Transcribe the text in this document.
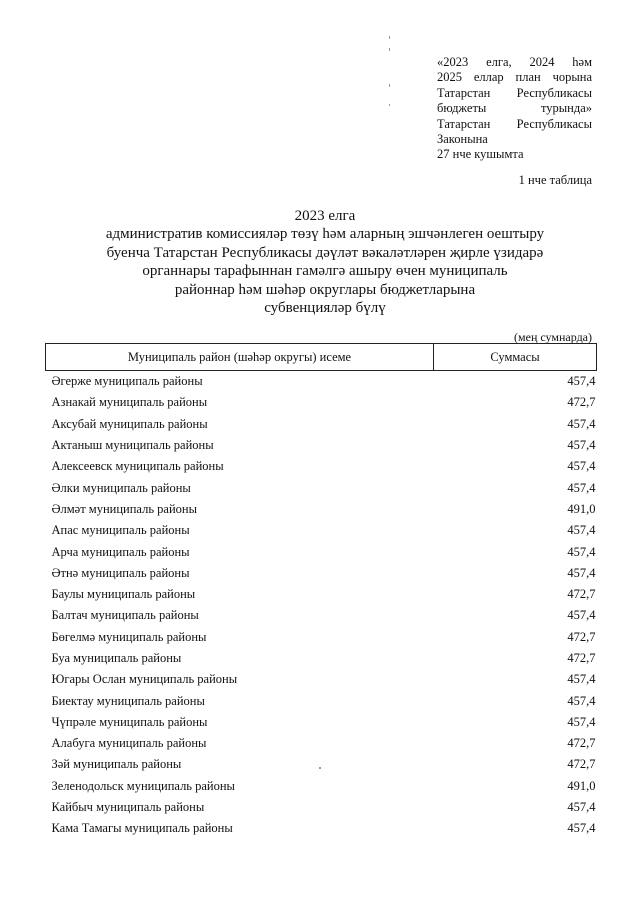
«2023 елга, 2024 һәм
2025 еллар план чорына
Татарстан Республикасы
бюджеты турында»
Татарстан Республикасы
Законына
27 нче кушымта
1 нче таблица
2023 елга
административ комиссияләр төзү һәм аларның эшчәнлеген оештыру
буенча Татарстан Республикасы дәүләт вәкаләтләрен җирле үзидарә
органнары тарафыннан гамәлгә ашыру өчен муниципаль
районнар һәм шәһәр округлары бюджетларына
субвенцияләр бүлү
(мең сумнарда)
Муниципаль район (шәһәр округы) исеме	Суммасы
Әгерже муниципаль районы	457,4
Азнакай муниципаль районы	472,7
Аксубай муниципаль районы	457,4
Актаныш муниципаль районы	457,4
Алексеевск муниципаль районы	457,4
Әлки муниципаль районы	457,4
Әлмәт муниципаль районы	491,0
Апас муниципаль районы	457,4
Арча муниципаль районы	457,4
Әтнә муниципаль районы	457,4
Баулы муниципаль районы	472,7
Балтач муниципаль районы	457,4
Бөгелмә муниципаль районы	472,7
Буа муниципаль районы	472,7
Югары Ослан муниципаль районы	457,4
Биектау муниципаль районы	457,4
Чүпрәле муниципаль районы	457,4
Алабуга муниципаль районы	472,7
Зәй муниципаль районы	472,7
Зеленодольск муниципаль районы	491,0
Кайбыч муниципаль районы	457,4
Кама Тамагы муниципаль районы	457,4
